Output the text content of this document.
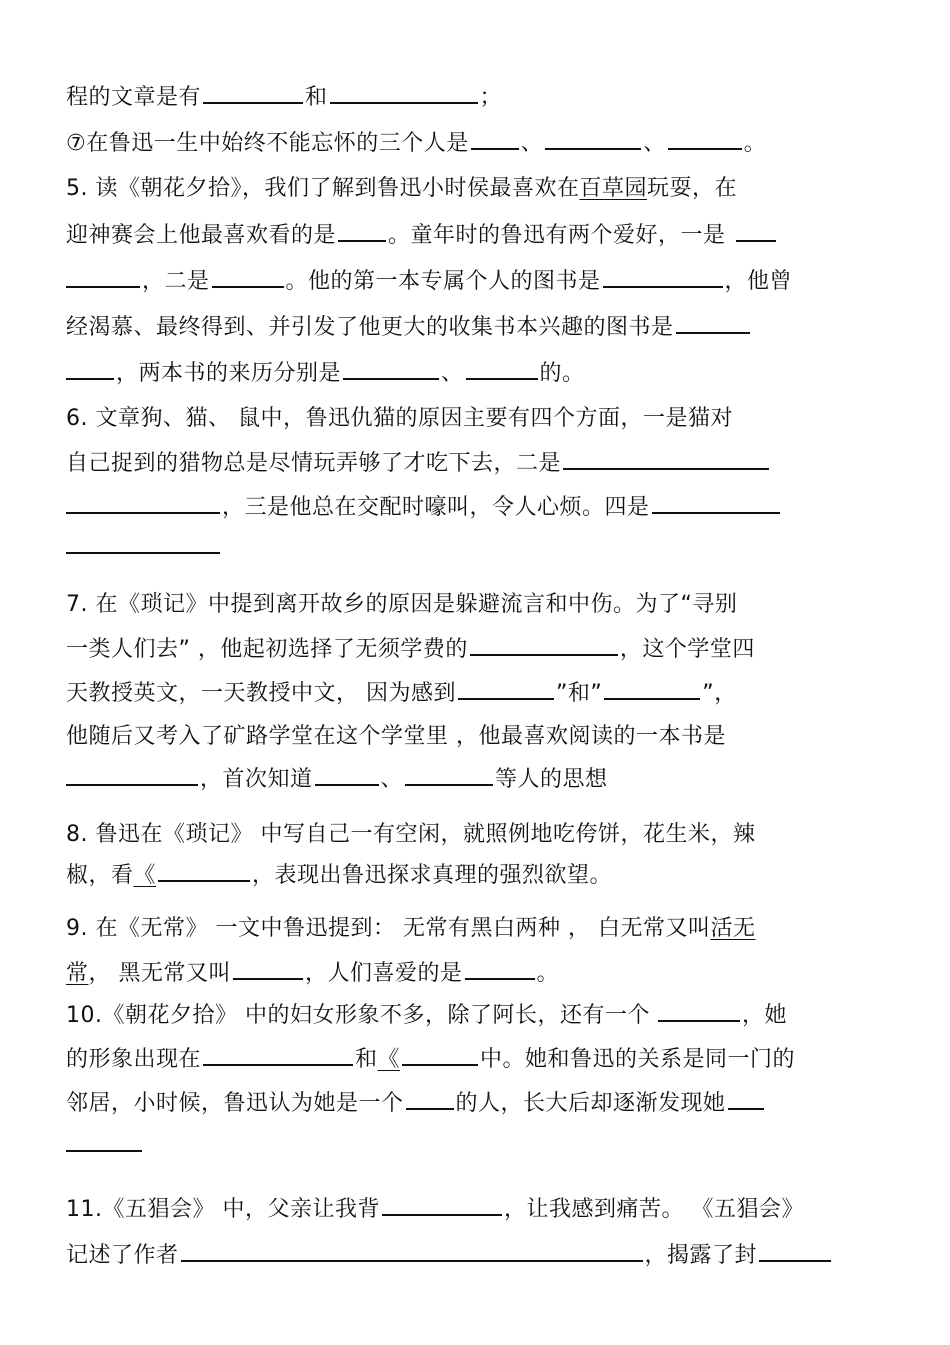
程的文章是有	和	；
⑦在鲁迅一生中始终不能忘怀的三个人是 、	、	。
5. 读《朝花夕拾》，我们了解到鲁迅小时侯最喜欢在百草园玩耍，在
迎神赛会上他最喜欢看的是 。童年时的鲁迅有两个爱好，一是
，二是	。他的第一本专属个人的图书是	，他曾
经渴慕、最终得到、并引发了他更大的收集书本兴趣的图书是
，两本书的来历分别是	、	的。
6. 文章狗、猫、 鼠中，鲁迅仇猫的原因主要有四个方面，一是猫对
自己捉到的猎物总是尽情玩弄够了才吃下去，二是
，三是他总在交配时嚎叫，令人心烦。四是
7. 在《琐记》中提到离开故乡的原因是躲避流言和中伤。为了“寻别
一类人们去” ，他起初选择了无须学费的	，这个学堂四
天教授英文，一天教授中文， 因为感到	”和”	”，
他随后又考入了矿路学堂在这个学堂里 ，他最喜欢阅读的一本书是
，首次知道	、	等人的思想
8. 鲁迅在《琐记》 中写自己一有空闲，就照例地吃侉饼，花生米，辣
椒，看《	，表现出鲁迅探求真理的强烈欲望。
9. 在《无常》 一文中鲁迅提到： 无常有黑白两种 ， 白无常又叫活无
常， 黑无常又叫	，人们喜爱的是	。
10.《朝花夕拾》 中的妇女形象不多，除了阿长，还有一个	，她
的形象出现在	和《	中。她和鲁迅的关系是同一门的
邻居，小时候，鲁迅认为她是一个 的人，长大后却逐渐发现她
11.《五猖会》 中，父亲让我背	，让我感到痛苦。 《五猖会》
记述了作者	，揭露了封
